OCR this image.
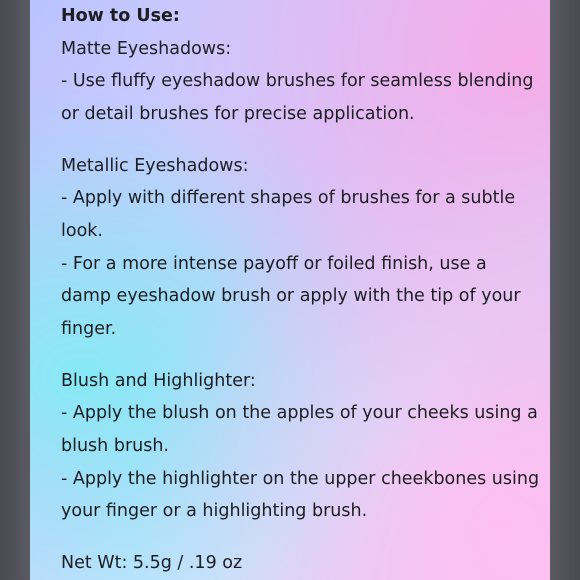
How to Use:
Matte Eyeshadows:
- Use fluffy eyeshadow brushes for seamless blending
or detail brushes for precise application.
Metallic Eyeshadows:
- Apply with different shapes of brushes for a subtle
look.
- For a more intense payoff or foiled finish, use a
damp eyeshadow brush or apply with the tip of your
finger.
Blush and Highlighter:
- Apply the blush on the apples of your cheeks using a
blush brush.
- Apply the highlighter on the upper cheekbones using
your finger or a highlighting brush.
Net Wt: 5.5g / .19 oz
